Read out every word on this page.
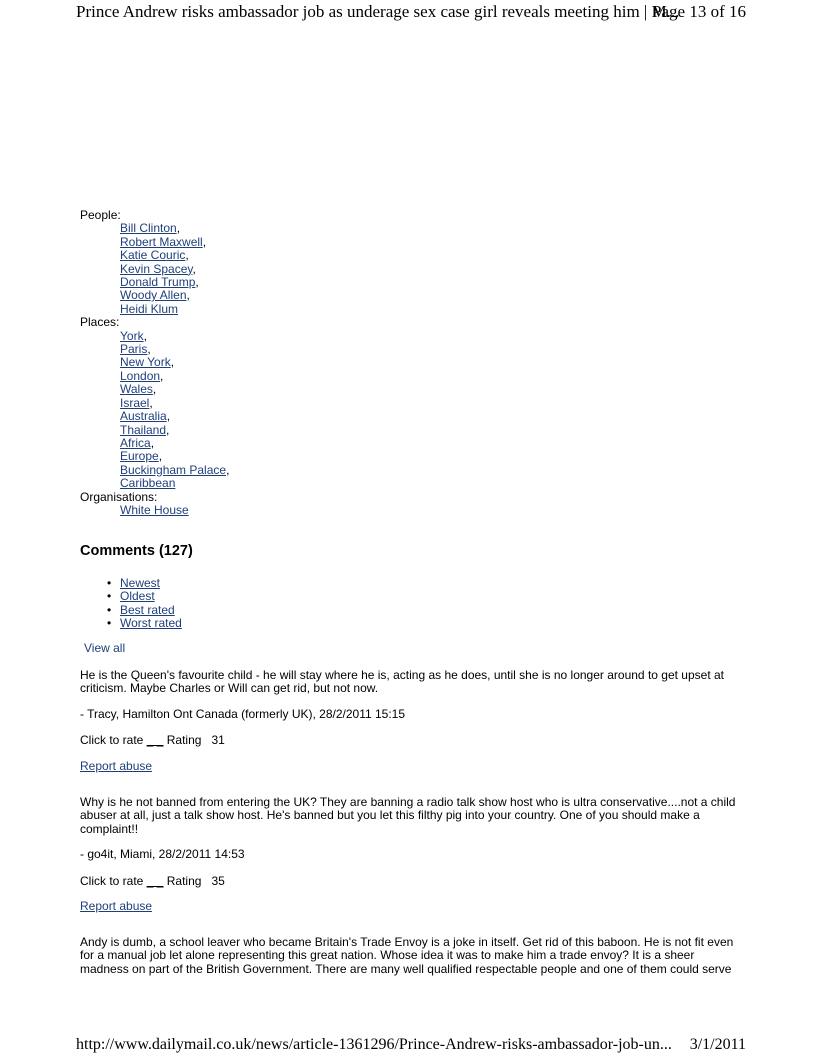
Prince Andrew risks ambassador job as underage sex case girl reveals meeting him | M...
Page 13 of 16
People:
Bill Clinton,
Robert Maxwell,
Katie Couric,
Kevin Spacey,
Donald Trump,
Woody Allen,
Heidi Klum
Places:
York,
Paris,
New York,
London,
Wales,
Israel,
Australia,
Thailand,
Africa,
Europe,
Buckingham Palace,
Caribbean
Organisations:
White House
Comments (127)
• Newest
• Oldest
• Best rated
• Worst rated
View all

He is the Queen's favourite child - he will stay where he is, acting as he does, until she is no longer around to get upset at criticism. Maybe Charles or Will can get rid, but not now.

- Tracy, Hamilton Ont Canada (formerly UK), 28/2/2011 15:15
Click to rate _ _ Rating 31
Report abuse

Why is he not banned from entering the UK? They are banning a radio talk show host who is ultra conservative....not a child abuser at all, just a talk show host. He's banned but you let this filthy pig into your country. One of you should make a complaint!!

- go4it, Miami, 28/2/2011 14:53
Click to rate _ _ Rating 35
Report abuse

Andy is dumb, a school leaver who became Britain's Trade Envoy is a joke in itself. Get rid of this baboon. He is not fit even for a manual job let alone representing this great nation. Whose idea it was to make him a trade envoy? It is a sheer madness on part of the British Government. There are many well qualified respectable people and one of them could serve

http://www.dailymail.co.uk/news/article-1361296/Prince-Andrew-risks-ambassador-job-un... 3/1/2011
